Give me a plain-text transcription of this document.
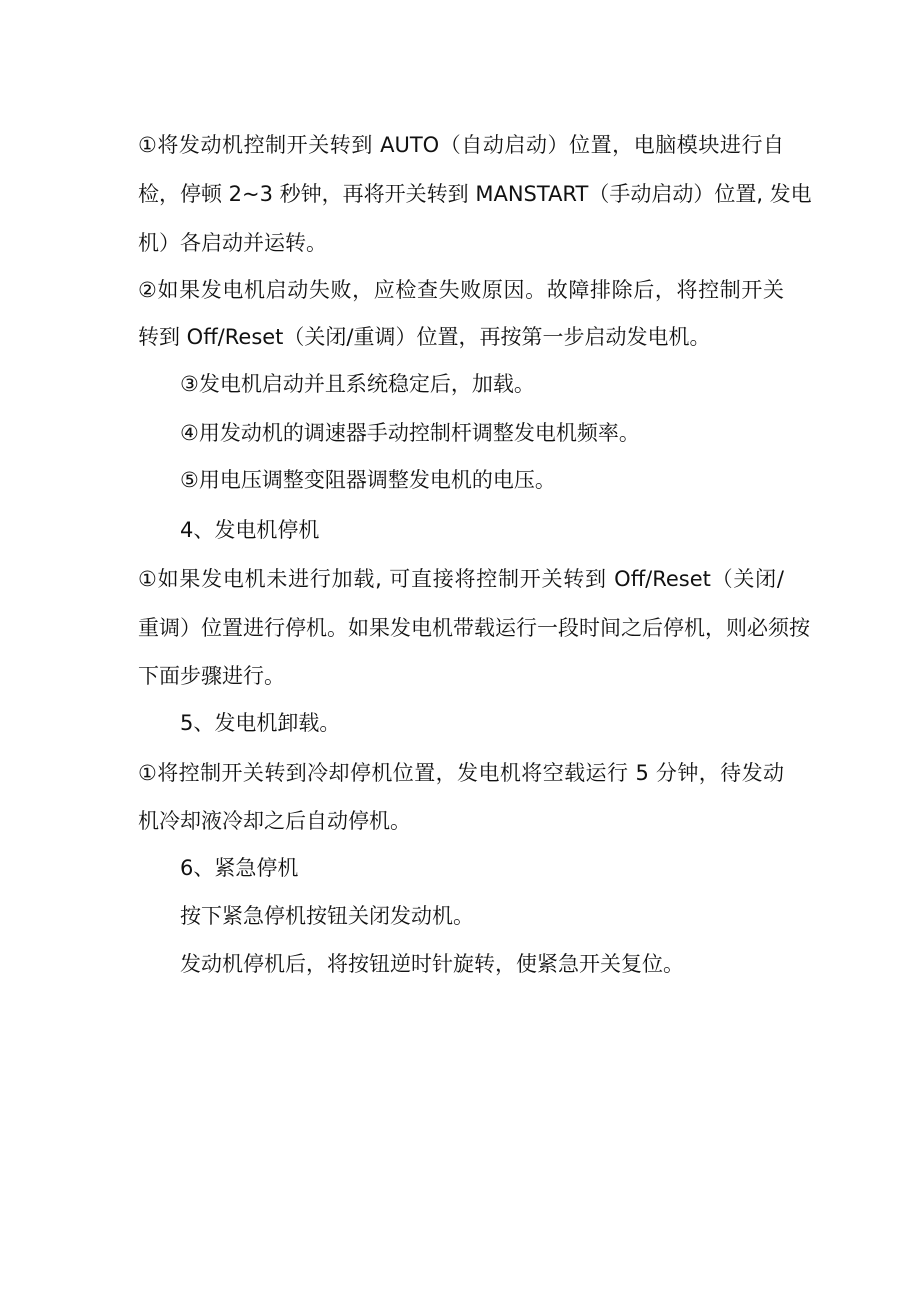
①将发动机控制开关转到 AUTO（自动启动）位置，电脑模块进行自
检，停顿 2~3 秒钟，再将开关转到 MANSTART（手动启动）位置, 发电
机）各启动并运转。
②如果发电机启动失败，应检查失败原因。故障排除后，将控制开关
转到 Off/Reset（关闭/重调）位置，再按第一步启动发电机。
③发电机启动并且系统稳定后，加载。
④用发动机的调速器手动控制杆调整发电机频率。
⑤用电压调整变阻器调整发电机的电压。
4、发电机停机
①如果发电机未进行加载, 可直接将控制开关转到 Off/Reset（关闭/
重调）位置进行停机。如果发电机带载运行一段时间之后停机，则必须按
下面步骤进行。
5、发电机卸载。
①将控制开关转到冷却停机位置，发电机将空载运行 5 分钟，待发动
机冷却液冷却之后自动停机。
6、紧急停机
按下紧急停机按钮关闭发动机。
发动机停机后，将按钮逆时针旋转，使紧急开关复位。
